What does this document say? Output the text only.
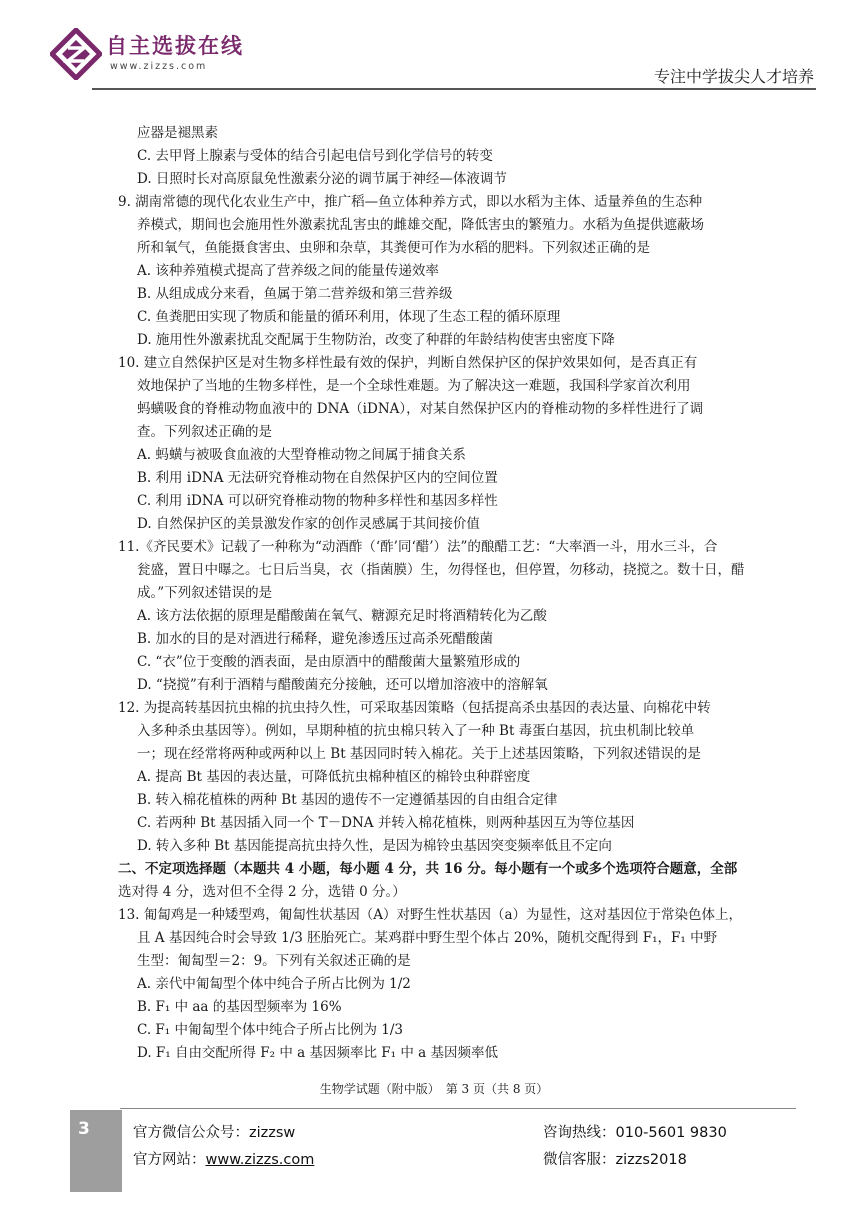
自主选拔在线
www.zizzs.com
专注中学拔尖人才培养
应器是褪黑素
C. 去甲肾上腺素与受体的结合引起电信号到化学信号的转变
D. 日照时长对高原鼠免性激素分泌的调节属于神经—体液调节
9. 湖南常德的现代化农业生产中，推广稻—鱼立体种养方式，即以水稻为主体、适量养鱼的生态种
养模式，期间也会施用性外激素扰乱害虫的雌雄交配，降低害虫的繁殖力。水稻为鱼提供遮蔽场
所和氧气，鱼能摄食害虫、虫卵和杂草，其粪便可作为水稻的肥料。下列叙述正确的是
A. 该种养殖模式提高了营养级之间的能量传递效率
B. 从组成成分来看，鱼属于第二营养级和第三营养级
C. 鱼粪肥田实现了物质和能量的循环利用，体现了生态工程的循环原理
D. 施用性外激素扰乱交配属于生物防治，改变了种群的年龄结构使害虫密度下降
10. 建立自然保护区是对生物多样性最有效的保护，判断自然保护区的保护效果如何，是否真正有
效地保护了当地的生物多样性，是一个全球性难题。为了解决这一难题，我国科学家首次利用
蚂蟥吸食的脊椎动物血液中的 DNA（iDNA），对某自然保护区内的脊椎动物的多样性进行了调
查。下列叙述正确的是
A. 蚂蟥与被吸食血液的大型脊椎动物之间属于捕食关系
B. 利用 iDNA 无法研究脊椎动物在自然保护区内的空间位置
C. 利用 iDNA 可以研究脊椎动物的物种多样性和基因多样性
D. 自然保护区的美景激发作家的创作灵感属于其间接价值
11.《齐民要术》记载了一种称为“动酒酢（‘酢’同‘醋’）法”的酿醋工艺：“大率酒一斗，用水三斗，合
瓮盛，置日中曝之。七日后当臭，衣（指菌膜）生，勿得怪也，但停置，勿移动，挠搅之。数十日，醋
成。”下列叙述错误的是
A. 该方法依据的原理是醋酸菌在氧气、糖源充足时将酒精转化为乙酸
B. 加水的目的是对酒进行稀释，避免渗透压过高杀死醋酸菌
C. “衣”位于变酸的酒表面，是由原酒中的醋酸菌大量繁殖形成的
D. “挠搅”有利于酒精与醋酸菌充分接触，还可以增加溶液中的溶解氧
12. 为提高转基因抗虫棉的抗虫持久性，可采取基因策略（包括提高杀虫基因的表达量、向棉花中转
入多种杀虫基因等）。例如，早期种植的抗虫棉只转入了一种 Bt 毒蛋白基因，抗虫机制比较单
一；现在经常将两种或两种以上 Bt 基因同时转入棉花。关于上述基因策略，下列叙述错误的是
A. 提高 Bt 基因的表达量，可降低抗虫棉种植区的棉铃虫种群密度
B. 转入棉花植株的两种 Bt 基因的遗传不一定遵循基因的自由组合定律
C. 若两种 Bt 基因插入同一个 T－DNA 并转入棉花植株，则两种基因互为等位基因
D. 转入多种 Bt 基因能提高抗虫持久性，是因为棉铃虫基因突变频率低且不定向
二、不定项选择题（本题共 4 小题，每小题 4 分，共 16 分。每小题有一个或多个选项符合题意，全部
选对得 4 分，选对但不全得 2 分，选错 0 分。）
13. 匍匐鸡是一种矮型鸡，匍匐性状基因（A）对野生性状基因（a）为显性，这对基因位于常染色体上，
且 A 基因纯合时会导致 1/3 胚胎死亡。某鸡群中野生型个体占 20%，随机交配得到 F₁，F₁ 中野
生型：匍匐型＝2：9。下列有关叙述正确的是
A. 亲代中匍匐型个体中纯合子所占比例为 1/2
B. F₁ 中 aa 的基因型频率为 16%
C. F₁ 中匍匐型个体中纯合子所占比例为 1/3
D. F₁ 自由交配所得 F₂ 中 a 基因频率比 F₁ 中 a 基因频率低
生物学试题（附中版）　第 3 页（共 8 页）
3	官方微信公众号：zizzsw
官方网站：www.zizzs.com
咨询热线：010-5601 9830
微信客服：zizzs2018
